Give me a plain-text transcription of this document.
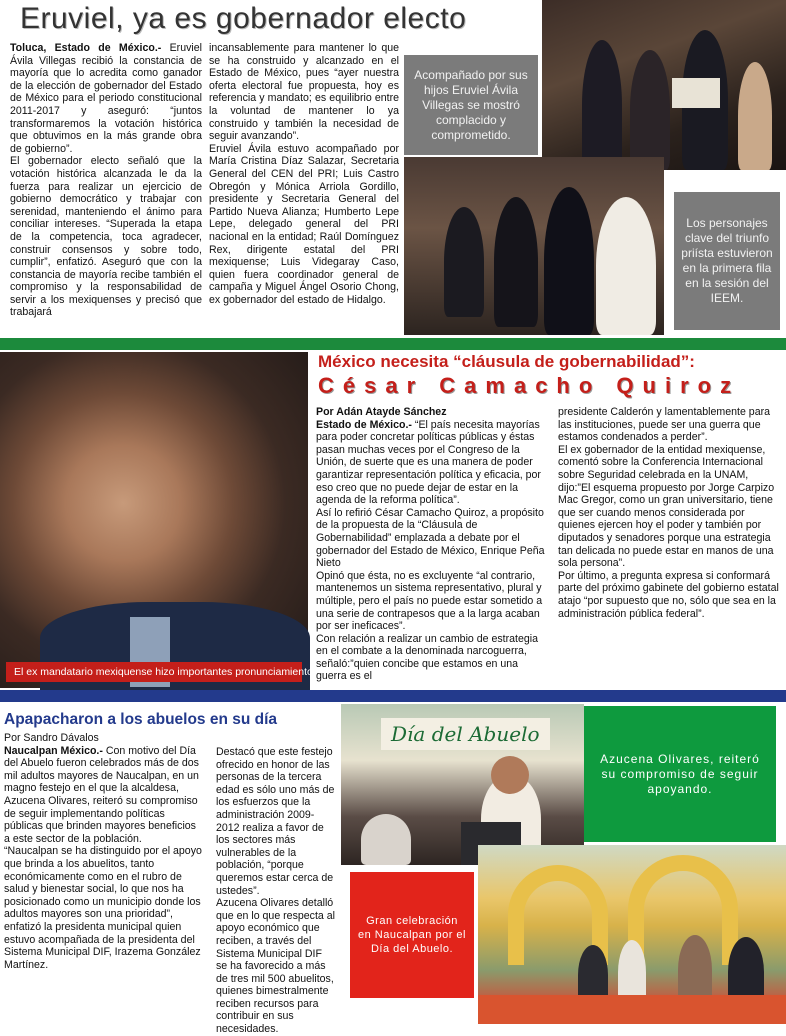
Eruviel, ya es gobernador electo

Toluca, Estado de México.- Eruviel Ávila Villegas recibió la constancia de mayoría que lo acredita como ganador de la elección de gobernador del Estado de México para el periodo constitucional 2011-2017 y aseguró: “juntos transformaremos la votación histórica que obtuvimos en la más grande obra de gobierno”.

El gobernador electo señaló que la votación histórica alcanzada le da la fuerza para realizar un ejercicio de gobierno democrático y trabajar con serenidad, manteniendo el ánimo para conciliar intereses. “Superada la etapa de la competencia, toca agradecer, construir consensos y sobre todo, cumplir”, enfatizó. Aseguró que con la constancia de mayoría recibe también el compromiso y la responsabilidad de servir a los mexiquenses y precisó que trabajará

incansablemente para mantener lo que se ha construido y alcanzado en el Estado de México, pues “ayer nuestra oferta electoral fue propuesta, hoy es referencia y mandato; es equilibrio entre la voluntad de mantener lo ya construido y también la necesidad de seguir avanzando”.

Eruviel Ávila estuvo acompañado por María Cristina Díaz Salazar, Secretaria General del CEN del PRI; Luis Castro Obregón y Mónica Arriola Gordillo, presidente y Secretaria General del Partido Nueva Alianza; Humberto Lepe Lepe, delegado general del PRI nacional en la entidad; Raúl Domínguez Rex, dirigente estatal del PRI mexiquense; Luis Videgaray Caso, quien fuera coordinador general de campaña y Miguel Ángel Osorio Chong, ex gobernador del estado de Hidalgo.

Acompañado por sus hijos Eruviel Ávila Villegas se mostró complacido y comprometido.
Los personajes clave del triunfo priísta estuvieron en la primera fila en la sesión del IEEM.
El ex mandatario mexiquense hizo importantes pronunciamientos.
México necesita “cláusula de gobernabilidad”:
César Camacho Quiroz

Por Adán Atayde Sánchez

Estado de México.- “El país necesita mayorías para poder concretar políticas públicas y éstas pasan muchas veces por el Congreso de la Unión, de suerte que es una manera de poder garantizar representación política y eficacia, por eso creo que no puede dejar de estar en la agenda de la reforma política”.

Así lo refirió César Camacho Quiroz, a propósito de la propuesta de la “Cláusula de Gobernabilidad” emplazada a debate por el gobernador del Estado de México, Enrique Peña Nieto

Opinó que ésta, no es excluyente “al contrario, mantenemos un sistema representativo, plural y múltiple, pero el país no puede estar sometido a una serie de contrapesos que a la larga acaban por ser ineficaces”.

Con relación a realizar un cambio de estrategia en el combate a la denominada narcoguerra, señaló:”quien concibe que estamos en una guerra es el

presidente Calderón y lamentablemente para las instituciones, puede ser una guerra que estamos condenados a perder”.

El ex gobernador de la entidad mexiquense, comentó sobre la Conferencia Internacional sobre Seguridad celebrada en la UNAM, dijo:”El esquema propuesto por Jorge Carpizo Mac Gregor, como un gran universitario, tiene que ser cuando menos considerada por quienes ejercen hoy el poder y también por diputados y senadores porque una estrategia tan delicada no puede estar en manos de una sola persona”.

Por último, a pregunta expresa si conformará parte del próximo gabinete del gobierno estatal atajo “por supuesto que no, sólo que sea en la administración pública federal”.

Apapacharon a los abuelos en su día

Por Sandro Dávalos

Naucalpan México.- Con motivo del Día del Abuelo fueron celebrados más de dos mil adultos mayores de Naucalpan, en un magno festejo en el que la alcaldesa, Azucena Olivares, reiteró su compromiso de seguir implementando políticas públicas que brinden mayores beneficios a este sector de la población.

“Naucalpan se ha distinguido por el apoyo que brinda a los abuelitos, tanto económicamente como en el rubro de salud y bienestar social, lo que nos ha posicionado como un municipio donde los adultos mayores son una prioridad”, enfatizó la presidenta municipal quien estuvo acompañada de la presidenta del Sistema Municipal DIF, Irazema González Martínez.

Destacó que este festejo ofrecido en honor de las personas de la tercera edad es sólo uno más de los esfuerzos que la administración 2009-2012 realiza a favor de los sectores más vulnerables de la población, “porque queremos estar cerca de ustedes”.

Azucena Olivares detalló que en lo que respecta al apoyo económico que reciben, a través del Sistema Municipal DIF se ha favorecido a más de tres mil 500 abuelitos, quienes bimestralmente reciben recursos para contribuir en sus necesidades.

Día del Abuelo
Azucena Olivares, reiteró su compromiso de seguir apoyando.
Gran celebración en Naucalpan por el Día del Abuelo.
